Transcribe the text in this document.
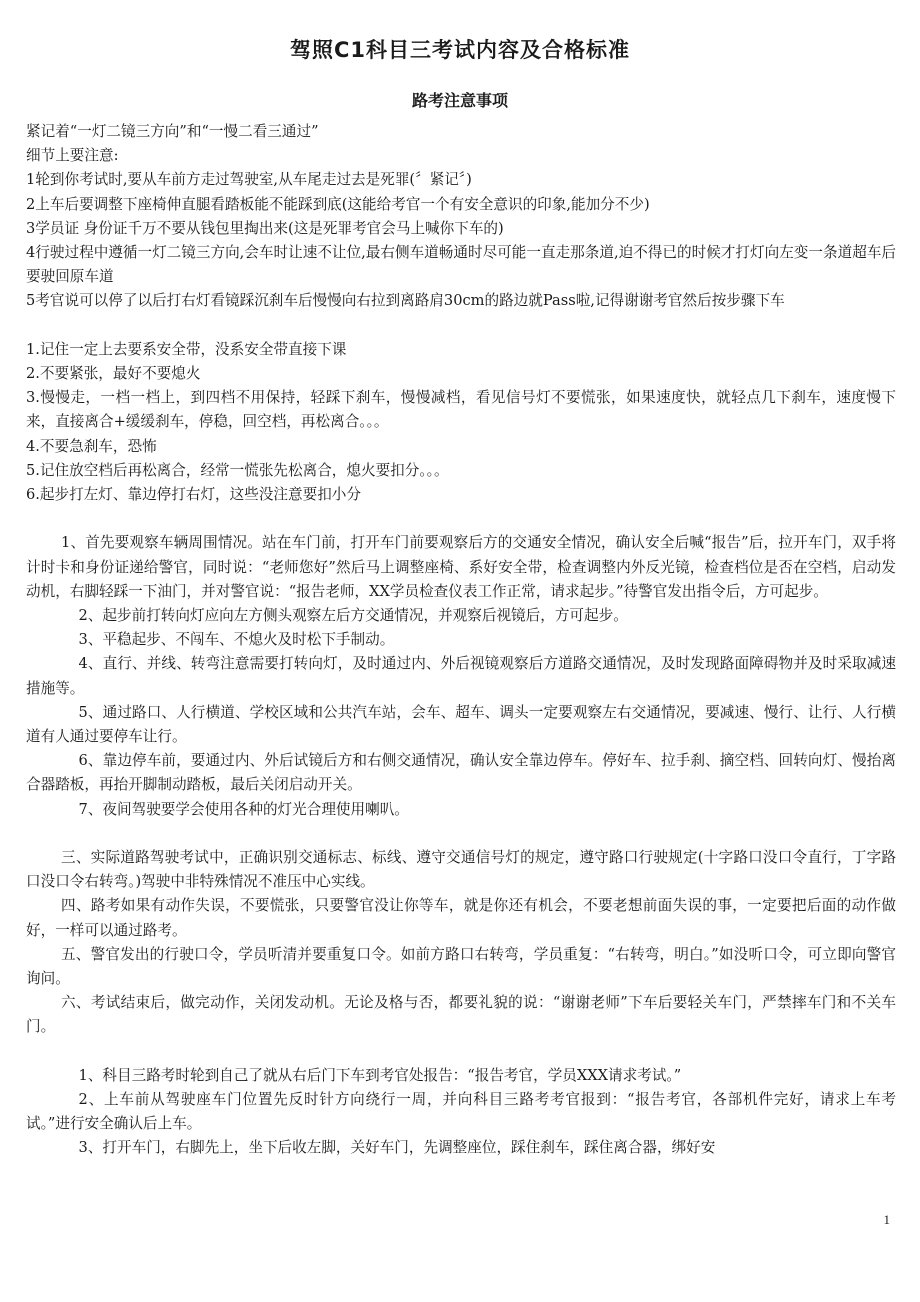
驾照C1科目三考试内容及合格标准
路考注意事项

紧记着“一灯二镜三方向”和“一慢二看三通过”

细节上要注意:

1轮到你考试时,要从车前方走过驾驶室,从车尾走过去是死罪(〞紧记〞)

2上车后要调整下座椅伸直腿看踏板能不能踩到底(这能给考官一个有安全意识的印象,能加分不少)

3学员证 身份证千万不要从钱包里掏出来(这是死罪考官会马上喊你下车的)

4行驶过程中遵循一灯二镜三方向,会车时让速不让位,最右侧车道畅通时尽可能一直走那条道,迫不得已的时候才打灯向左变一条道超车后要驶回原车道

5考官说可以停了以后打右灯看镜踩沉刹车后慢慢向右拉到离路肩30cm的路边就Pass啦,记得谢谢考官然后按步骤下车

1.记住一定上去要系安全带，没系安全带直接下课

2.不要紧张，最好不要熄火

3.慢慢走，一档一档上，到四档不用保持，轻踩下刹车，慢慢减档，看见信号灯不要慌张，如果速度快，就轻点几下刹车，速度慢下来，直接离合+缓缓刹车，停稳，回空档，再松离合。。。

4.不要急刹车，恐怖

5.记住放空档后再松离合，经常一慌张先松离合，熄火要扣分。。。

6.起步打左灯、靠边停打右灯，这些没注意要扣小分

1、首先要观察车辆周围情况。站在车门前，打开车门前要观察后方的交通安全情况，确认安全后喊“报告”后，拉开车门，双手将计时卡和身份证递给警官，同时说：“老师您好”然后马上调整座椅、系好安全带，检查调整内外反光镜，检查档位是否在空档，启动发动机，右脚轻踩一下油门，并对警官说：“报告老师，XX学员检查仪表工作正常，请求起步。”待警官发出指令后，方可起步。

2、起步前打转向灯应向左方侧头观察左后方交通情况，并观察后视镜后，方可起步。

3、平稳起步、不闯车、不熄火及时松下手制动。

4、直行、并线、转弯注意需要打转向灯，及时通过内、外后视镜观察后方道路交通情况，及时发现路面障碍物并及时采取减速措施等。

5、通过路口、人行横道、学校区域和公共汽车站，会车、超车、调头一定要观察左右交通情况，要减速、慢行、让行、人行横道有人通过要停车让行。

6、靠边停车前，要通过内、外后试镜后方和右侧交通情况，确认安全靠边停车。停好车、拉手刹、摘空档、回转向灯、慢抬离合器踏板，再抬开脚制动踏板，最后关闭启动开关。

7、夜间驾驶要学会使用各种的灯光合理使用喇叭。

三、实际道路驾驶考试中，正确识别交通标志、标线、遵守交通信号灯的规定，遵守路口行驶规定(十字路口没口令直行，丁字路口没口令右转弯。)驾驶中非特殊情况不准压中心实线。

四、路考如果有动作失误，不要慌张，只要警官没让你等车，就是你还有机会，不要老想前面失误的事，一定要把后面的动作做好，一样可以通过路考。

五、警官发出的行驶口令，学员听清并要重复口令。如前方路口右转弯，学员重复：“右转弯，明白。”如没听口令，可立即向警官询问。

六、考试结束后，做完动作，关闭发动机。无论及格与否，都要礼貌的说：“谢谢老师”下车后要轻关车门，严禁摔车门和不关车门。

1、科目三路考时轮到自己了就从右后门下车到考官处报告：“报告考官，学员XXX请求考试。”

2、上车前从驾驶座车门位置先反时针方向绕行一周，并向科目三路考考官报到：“报告考官，各部机件完好，请求上车考试。”进行安全确认后上车。

3、打开车门，右脚先上，坐下后收左脚，关好车门，先调整座位，踩住刹车，踩住离合器，绑好安

1
